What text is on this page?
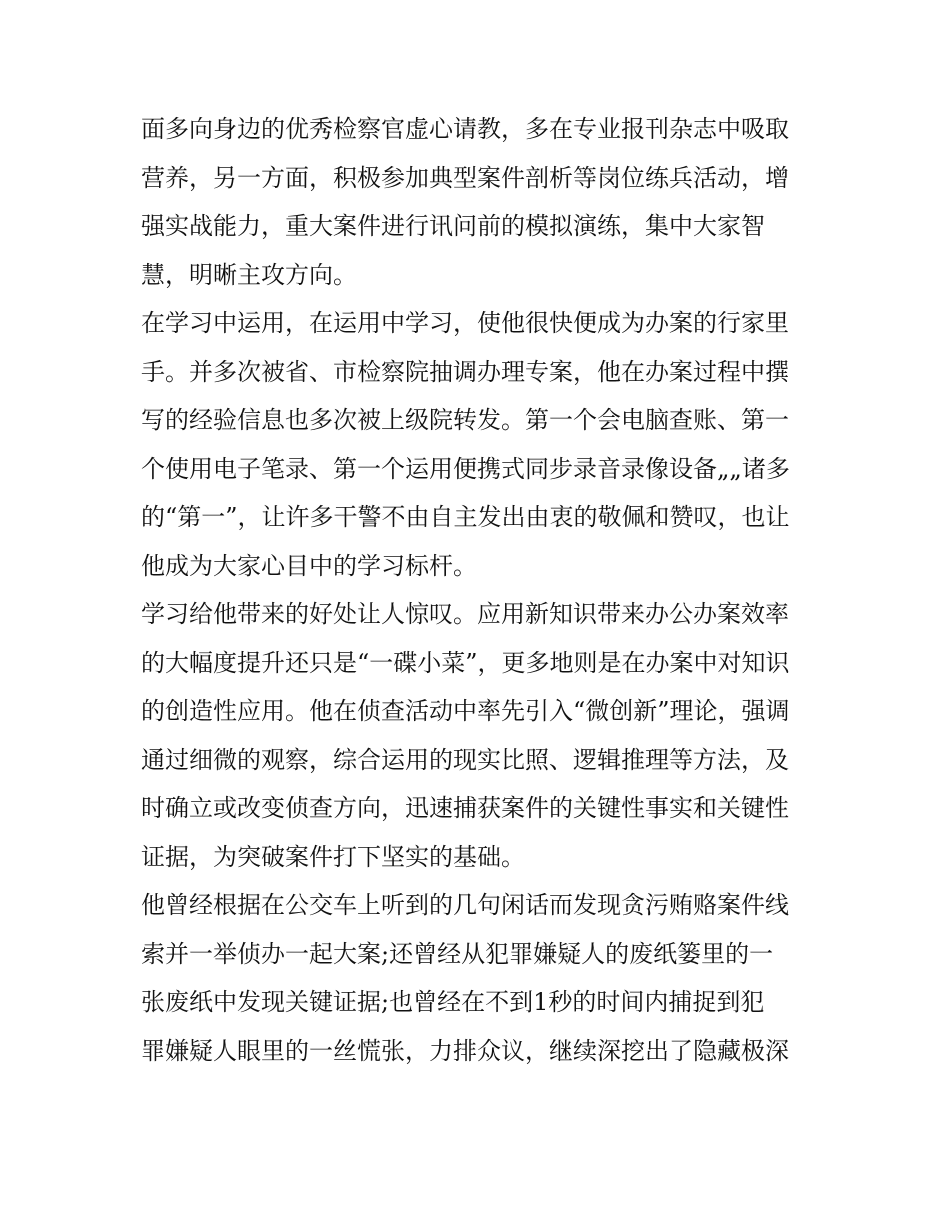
面多向身边的优秀检察官虚心请教，多在专业报刊杂志中吸取
营养，另一方面，积极参加典型案件剖析等岗位练兵活动，增
强实战能力，重大案件进行讯问前的模拟演练，集中大家智
慧，明晰主攻方向。
在学习中运用，在运用中学习，使他很快便成为办案的行家里
手。并多次被省、市检察院抽调办理专案，他在办案过程中撰
写的经验信息也多次被上级院转发。第一个会电脑查账、第一
个使用电子笔录、第一个运用便携式同步录音录像设备„„诸多
的“第一”，让许多干警不由自主发出由衷的敬佩和赞叹，也让
他成为大家心目中的学习标杆。
学习给他带来的好处让人惊叹。应用新知识带来办公办案效率
的大幅度提升还只是“一碟小菜”，更多地则是在办案中对知识
的创造性应用。他在侦查活动中率先引入“微创新”理论，强调
通过细微的观察，综合运用的现实比照、逻辑推理等方法，及
时确立或改变侦查方向，迅速捕获案件的关键性事实和关键性
证据，为突破案件打下坚实的基础。
他曾经根据在公交车上听到的几句闲话而发现贪污贿赂案件线
索并一举侦办一起大案;还曾经从犯罪嫌疑人的废纸篓里的一
张废纸中发现关键证据;也曾经在不到1秒的时间内捕捉到犯
罪嫌疑人眼里的一丝慌张，力排众议，继续深挖出了隐藏极深
